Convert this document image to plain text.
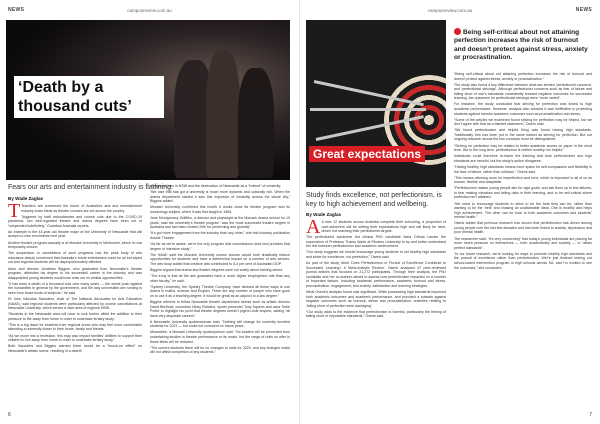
NEWS	campusreview.com.au
‘Death by a
thousand cuts’
Fears our arts and entertainment industry is flatlining.
By Wade Zaglas

T Teachers are concerned the future of Australia’s arts and entertainment industry looks bleak as theatre courses are cut across the country.

Triggered by staff redundancies and course cuts due to the COVID-19 pandemic, two well-regarded theatre and drama degrees have been cut or “suspended indefinitely,” Guardian Australia reports.

An example is the 44-year-old theatre major at the University of Newcastle that will accept no new enrolments next year.

Another theatre program casualty is at Monash University in Melbourne, which is now temporarily closed.

The suspension or cancellation of such programs has the peak body of arts educators deeply concerned that Australia’s future entertainers could be all but wiped out and regional students will be disproportionately affected.

Actor and director Jonathan Biggins, who graduated from Newcastle’s theatre program, attributes his degree to his successful career in the industry and was disappointed young students would now miss out on similar opportunities.

“It has been a death of a thousand cuts over many years — the whole push against the humanities in general by the government, and the way universities are running is seen from those kinds of subjects,” he said.

Dr John Nicholas Saunders, chair of The National Advocates for Arts Education (NAAE), said regional students were particularly affected by course cancellations at Newcastle University, which serves a wide area of regional NSW.

“Students in the Newcastle area will have to look further afield the addition to their pressure to the away from home in order to undertake tertiary study.

“This is a big issue for students from regional areas who may feel more comfortable attending a university closer to their home, family and friends.

“As we move into a recession, this may also impact families’ abilities to support their children to live away from home in order to undertake tertiary study.”

Both Saunders and Biggins warned there would be a “knock-on effect” on Newcastle’s artistic scene, resulting in a dearth

of regional jobs in NSW and the destruction of Newcastle as a “hotbed” of creativity.

“We lose that has got a university is much more dynamic and culturally rich. When the drama department started it saw this explosion of creativity across the whole city,” Biggins added.

Monash University confirmed this month it would close its theatre program and its musicology subject, which it was first taught in 1965.

Jane Montgomery Griffiths, a director and playwright at the Monash drama school for 19 years, said the university’s theatre program “was the most successful theatre degree in Australia and had been ranked 20th for performing arts globally”.

“It’s got more engagement from the industry than any other,” she told Industry publication Aussie Theatre.

“As far as we’re aware, we’re the only program that commissions work and provides that degree of intensive study.”

The NAAE said the Monash University course closure would both drastically reduce opportunities for students and have a detrimental impact on a number of arts sectors. The arts body added that creative arts contributed to 6.4 per cent of Australian GDP.

Biggins argued that drama and theatre degrees were not solely about training actors.

“The irony is that all the arts graduates have a much higher employment rate than any other faculty,” he said.

“Sydney University, the Sydney Theatre Company, have devised all these ways to use drama in maths, science and English. There are any number of people who have gone on to use it as a teaching degree. It would be great as an adjunct to a law degree.”

Biggins referred to fellow Newcastle theatre department alumni such as artistic director David Berthold, comedian Hilary Robbins, sports presenter Tony Squires and actor Sorie Porter to highlight his point that theatre degrees needn’t pigeon-hole anyone, adding “all have very disparate careers”.

A Newcastle University spokeswoman said, “Nothing will change for currently enrolled students for 2021 — but could not comment on future years.

Meanwhile, a Monash University spokesperson said: “No student will be prevented from undertaking studies in theatre performance or its music, but the range of units on offer in these fields will be reduced.

“The current students there will be no changes to units for 2020, and any changes made will not affect completion of any students.”

6
campusreview.com.au	NEWS
7
Great expectations
Being self-critical about not attaining perfection increases the risk of burnout and doesn’t protect against stress, anxiety or procrastination.

“Being self-critical about not attaining perfection increases the risk of burnout and doesn’t protect against stress, anxiety or procrastination.”

The study also found a key difference between what are termed ‘perfectionist concerns’ and ‘perfectionist strivings’. Although perfectionist concerns such as fear of failure and falling short of one’s standards consistently showed negative outcomes for successful learning, the outcomes for perfectionist strivings were “more varied”.

For instance, the study concluded that striving for perfection was linked to high academic performance. However, analysis also showed it was ineffective in protecting students against harmful academic outcomes such as procrastination and stress.

“Some of the articles we examined found striving for perfection may be helpful, but we don’t agree with that as a blanket statement,” Osenk said.

“We found perfectionism and helpful thing was found having high standards. Traditionally, this has been put in the same basket as striving for perfection. But our ongoing research shows the two concepts must be distinguished.

“Striving for perfection may be related to better academic scores on paper in the short term. But in the long term, perfectionism is neither healthy nor helpful.”

Individuals could therefore re-frame the thinking that both perfectionism and high standards are harmful, but the study’s author disagrees.

“Having healthy, high standards means more space for self-compassion and flexibility in the face of failure, rather than criticism,” Osenk said.

“This means allowing room for imperfection and error, which is important to all of us as human, flexible and adaptable.

“Perfectionism makes young people aim for rigid goals, and ask them up to few failures, to fear making mistakes and failing risks in their learning, and to be self-critical where perfection isn’t attained.

“We need to encourage students to strive to be the best they can be, rather than wanting to be the ‘best’ and chasing an unattainable ideal. One is healthy and helps high achievement. The other can be toxic to both academic outcomes and students’ mental health.”

Osenk added that previous research has shown that perfectionism has driven among young people over the last few decades and has been linked to anxiety, depression and poor mental health.

The researcher said, “It’s very concerning” that today’s young individuals are placing far more harsh pressure on themselves — both academically and socially — to “attain perfect standards”.

“In our future research, we’re looking for ways to promote healthy high standards and the pursuit of excellence rather than perfectionism. We’re just finished testing our school-based intervention program in high schools across SA, and I’m excited to see the outcomes,” she concluded.

Study finds excellence, not perfectionism, is key to high achievement and wellbeing.
By Wade Zaglas

A A new 12 students across Australia complete their schooling, a proportion of over-achievers will be setting their expectations high and will likely be hard-driven not reaching their perfectionist targets.

The perfectionist syndrome led clinical PhD candidate Ilana Orinda Lander the supervision of Professor Tracey Wade at Flinders University to try and better understand the link between perfectionism and academic achievement.

“Our study suggests we should encourage young students to set healthy high standards and strive for excellence, not perfection,” Osenk said.

As part of the study, titled ‘Does Perfectionism or Pursuit of Excellence Contribute to Successful Learning? A Meta-Analytic Review’, Osenk analysed 47 peer-reviewed journal articles that focused on 21,272 participants. Through their analysis, the PhD candidate and her co-authors aimed to assess how perfectionism impacted on a number of important factors, including academic performance, academic burnout and stress, procrastination, engagement, test anxiety, satisfaction and learning strategies.

What Osenk’s analysis found was significant. While possessing high standards improved both academic outcomes and academic performance, and provided a bulwark against negative outcomes such as burnout, stress and procrastination, anxieties relating to ‘falling short of perfection were damaging’.

“Our study adds to the evidence that perfectionism is harmful, particularly the feeling of falling short of impossible standards,” Osenk said.
